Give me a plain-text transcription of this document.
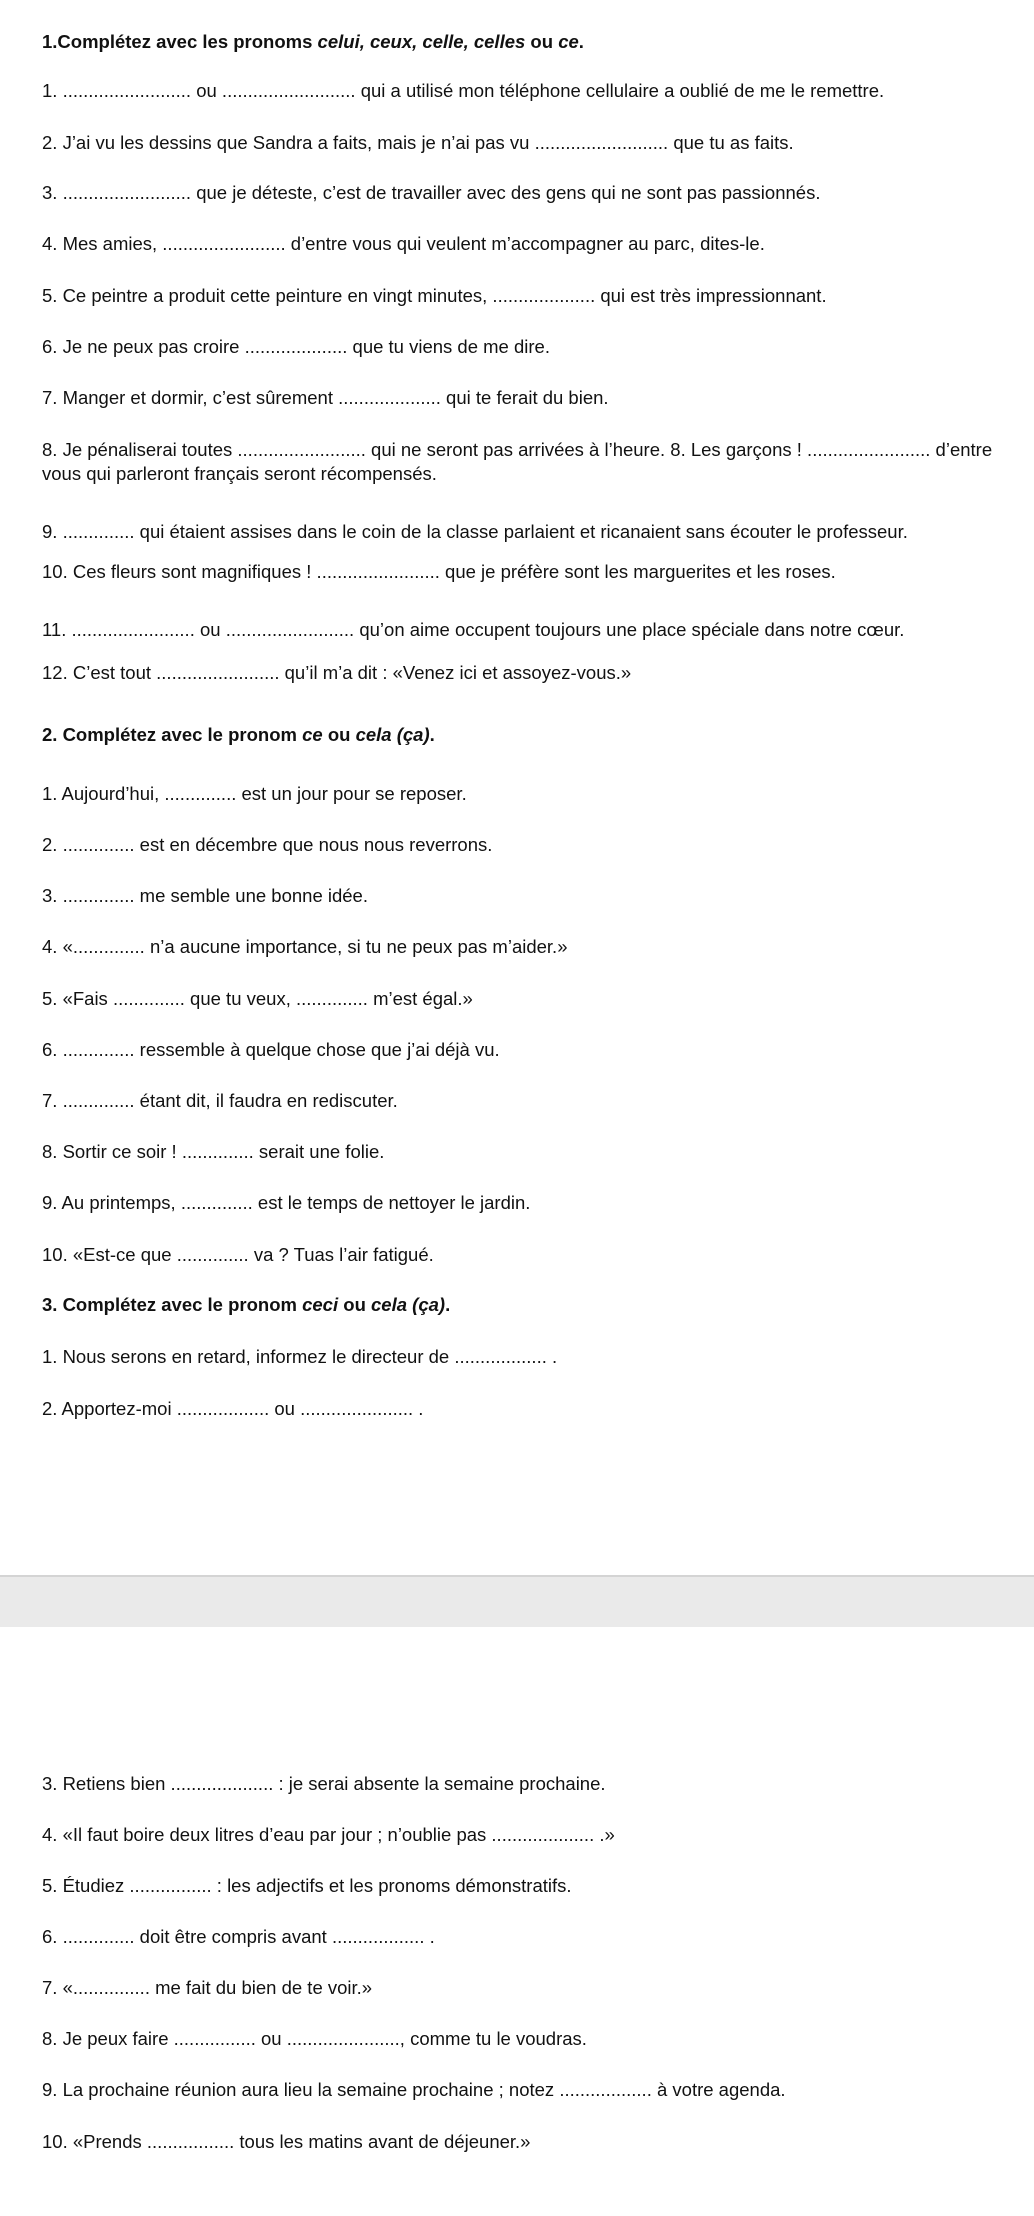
1.Complétez avec les pronoms celui, ceux, celle, celles ou ce.
1. ......................... ou .......................... qui a utilisé mon téléphone cellulaire a oublié de me le remettre.
2. J’ai vu les dessins que Sandra a faits, mais je n’ai pas vu .......................... que tu as faits.
3. ......................... que je déteste, c’est de travailler avec des gens qui ne sont pas passionnés.
4. Mes amies, ........................ d’entre vous qui veulent m’accompagner au parc, dites-le.
5. Ce peintre a produit cette peinture en vingt minutes, .................... qui est très impressionnant.
6. Je ne peux pas croire .................... que tu viens de me dire.
7. Manger et dormir, c’est sûrement .................... qui te ferait du bien.
8. Je pénaliserai toutes ......................... qui ne seront pas arrivées à l’heure. 8. Les garçons ! ........................ d’entre vous qui parleront français seront récompensés.
9. .............. qui étaient assises dans le coin de la classe parlaient et ricanaient sans écouter le professeur.
10. Ces fleurs sont magnifiques ! ........................ que je préfère sont les marguerites et les roses.
11. ........................ ou ......................... qu’on aime occupent toujours une place spéciale dans notre cœur.
12. C’est tout ........................ qu’il m’a dit : «Venez ici et assoyez-vous.»
2. Complétez avec le pronom ce ou cela (ça).
1. Aujourd’hui, .............. est un jour pour se reposer.
2. .............. est en décembre que nous nous reverrons.
3. .............. me semble une bonne idée.
4. «.............. n’a aucune importance, si tu ne peux pas m’aider.»
5. «Fais .............. que tu veux, .............. m’est égal.»
6. .............. ressemble à quelque chose que j’ai déjà vu.
7. .............. étant dit, il faudra en rediscuter.
8. Sortir ce soir ! .............. serait une folie.
9. Au printemps, .............. est le temps de nettoyer le jardin.
10. «Est-ce que .............. va ? Tuas l’air fatigué.
3. Complétez avec le pronom ceci ou cela (ça).
1. Nous serons en retard, informez le directeur de .................. .
2. Apportez-moi .................. ou ...................... .
3. Retiens bien .................... : je serai absente la semaine prochaine.
4. «Il faut boire deux litres d’eau par jour ; n’oublie pas .................... .»
5. Étudiez ................ : les adjectifs et les pronoms démonstratifs.
6. .............. doit être compris avant .................. .
7. «............... me fait du bien de te voir.»
8. Je peux faire ................ ou ......................, comme tu le voudras.
9. La prochaine réunion aura lieu la semaine prochaine ; notez .................. à votre agenda.
10. «Prends ................. tous les matins avant de déjeuner.»
